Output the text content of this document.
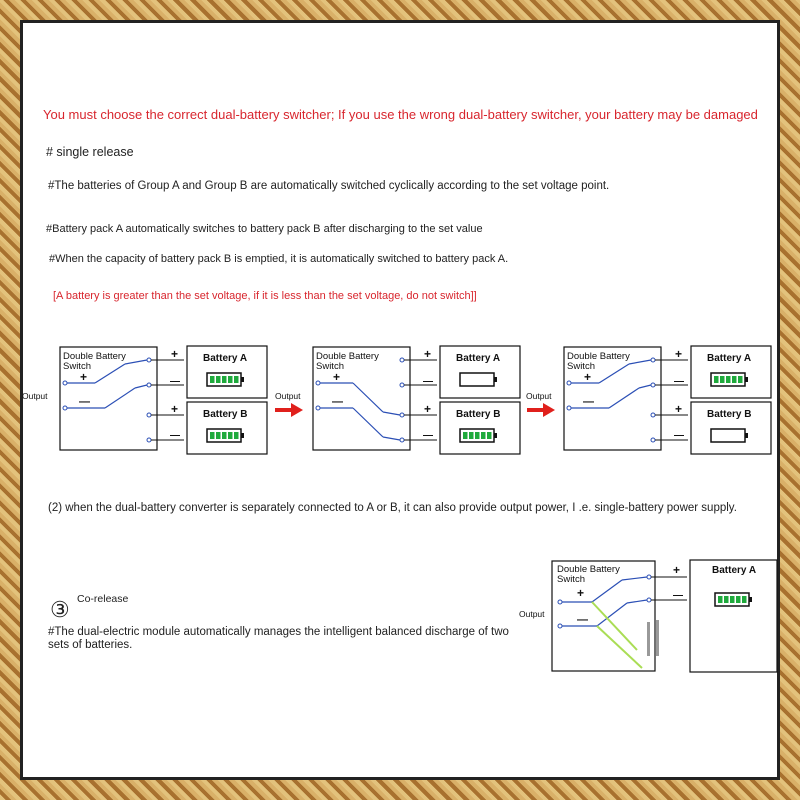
You must choose the correct dual-battery switcher; If you use the wrong dual-battery switcher, your battery may be damaged
# single release
#The batteries of Group A and Group B are automatically switched cyclically according to the set voltage point.
#Battery pack A automatically switches to battery pack B after discharging to the set value
#When the capacity of battery pack B is emptied, it is automatically switched to battery pack A.
[A battery is greater than the set voltage, if it is less than the set voltage, do not switch]]
(2) when the dual-battery converter is separately connected to A or B, it can also provide output power, I .e. single-battery power supply.
③ Co-release
#The dual-electric module automatically manages the intelligent balanced discharge of two
sets of batteries.
Double Battery
Switch
Output
+
—
+
—
+
—
Battery A
Battery B
Double Battery
Switch
Output
+
—
+
—
+
—
Battery A
Battery B
Double Battery
Switch
Output
+
—
+
—
+
—
Battery A
Battery B
Double Battery
Switch
Output
+
—
+
—
Battery A
